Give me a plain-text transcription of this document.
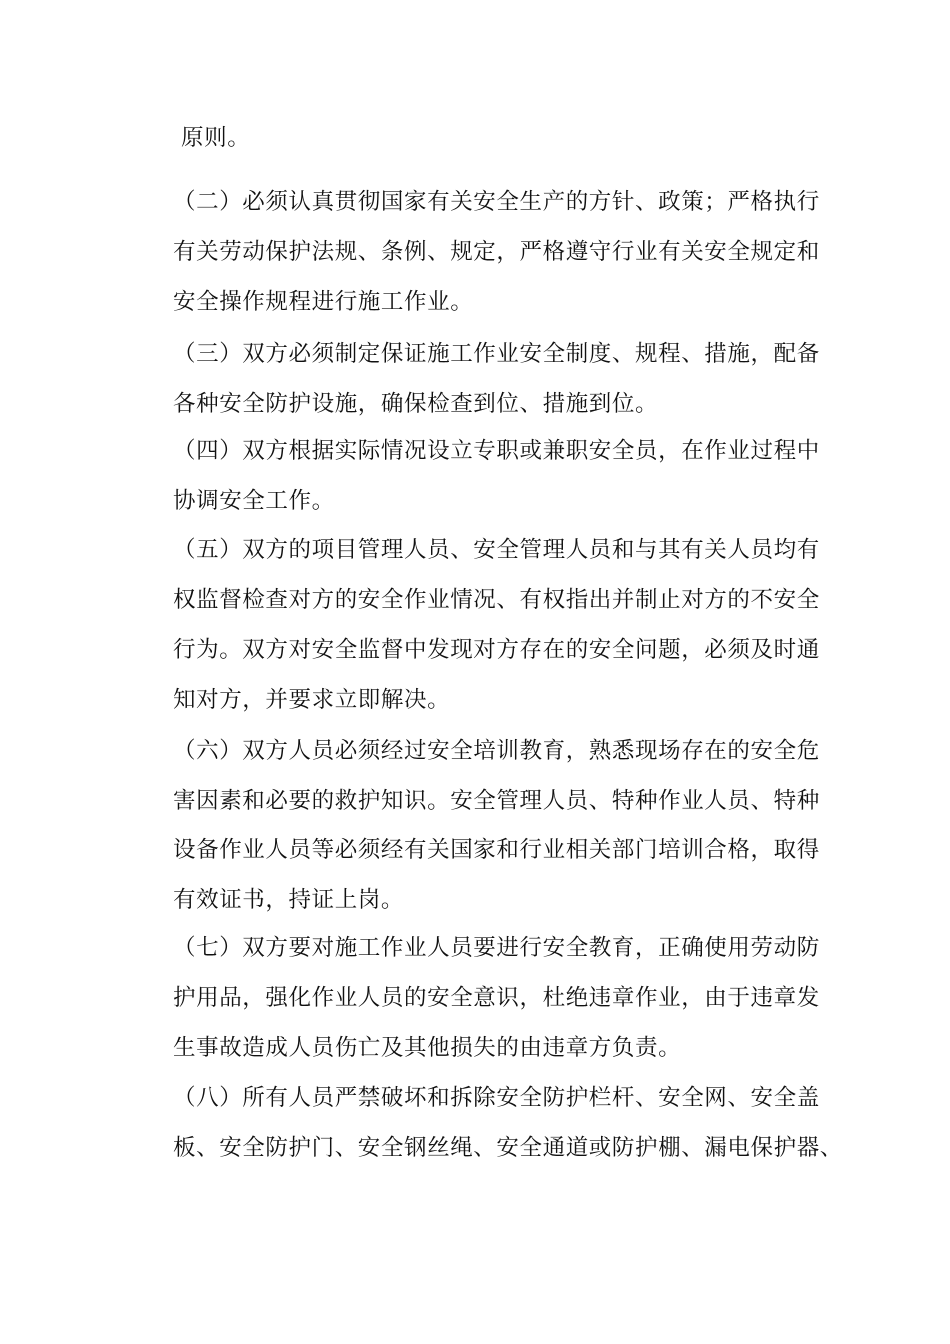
原则。
（二）必须认真贯彻国家有关安全生产的方针、政策；严格执行
有关劳动保护法规、条例、规定，严格遵守行业有关安全规定和
安全操作规程进行施工作业。
（三）双方必须制定保证施工作业安全制度、规程、措施，配备
各种安全防护设施，确保检查到位、措施到位。
（四）双方根据实际情况设立专职或兼职安全员，在作业过程中
协调安全工作。
（五）双方的项目管理人员、安全管理人员和与其有关人员均有
权监督检查对方的安全作业情况、有权指出并制止对方的不安全
行为。双方对安全监督中发现对方存在的安全问题，必须及时通
知对方，并要求立即解决。
（六）双方人员必须经过安全培训教育，熟悉现场存在的安全危
害因素和必要的救护知识。安全管理人员、特种作业人员、特种
设备作业人员等必须经有关国家和行业相关部门培训合格，取得
有效证书，持证上岗。
（七）双方要对施工作业人员要进行安全教育，正确使用劳动防
护用品，强化作业人员的安全意识，杜绝违章作业，由于违章发
生事故造成人员伤亡及其他损失的由违章方负责。
（八）所有人员严禁破坏和拆除安全防护栏杆、安全网、安全盖
板、安全防护门、安全钢丝绳、安全通道或防护棚、漏电保护器、
